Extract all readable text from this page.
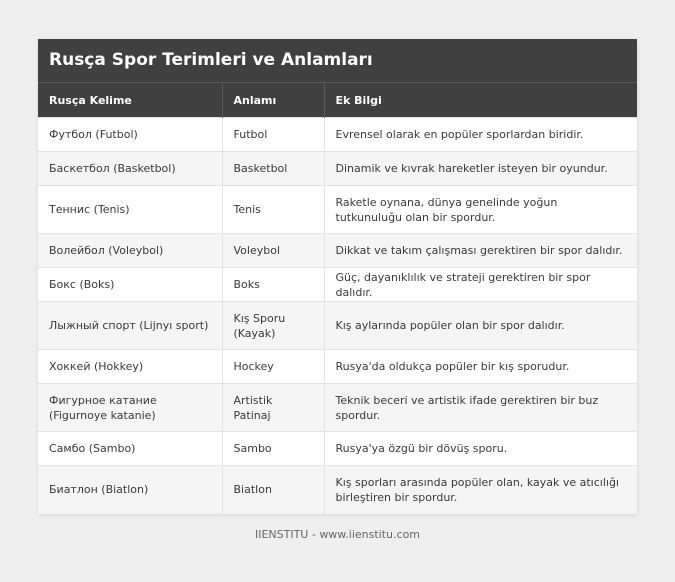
Rusça Spor Terimleri ve Anlamları
Rusça Kelime	Anlamı	Ek Bilgi
Футбол (Futbol)	Futbol	Evrensel olarak en popüler sporlardan biridir.
Баскетбол (Basketbol)	Basketbol	Dinamik ve kıvrak hareketler isteyen bir oyundur.
Теннис (Tenis)	Tenis	Raketle oynana, dünya genelinde yoğun tutkunuluğu olan bir spordur.
Волейбол (Voleybol)	Voleybol	Dikkat ve takım çalışması gerektiren bir spor dalıdır.
Бокс (Boks)	Boks	Güç, dayanıklılık ve strateji gerektiren bir spor dalıdır.
Лыжный спорт (Lijnyı sport)	Kış Sporu (Kayak)	Kış aylarında popüler olan bir spor dalıdır.
Хоккей (Hokkey)	Hockey	Rusya'da oldukça popüler bir kış sporudur.
Фигурное катание (Figurnoye katanie)	Artistik Patinaj	Teknik beceri ve artistik ifade gerektiren bir buz spordur.
Самбо (Sambo)	Sambo	Rusya'ya özgü bir dövüş sporu.
Биатлон (Biatlon)	Biatlon	Kış sporları arasında popüler olan, kayak ve atıcılığı birleştiren bir spordur.
IIENSTITU - www.iienstitu.com
